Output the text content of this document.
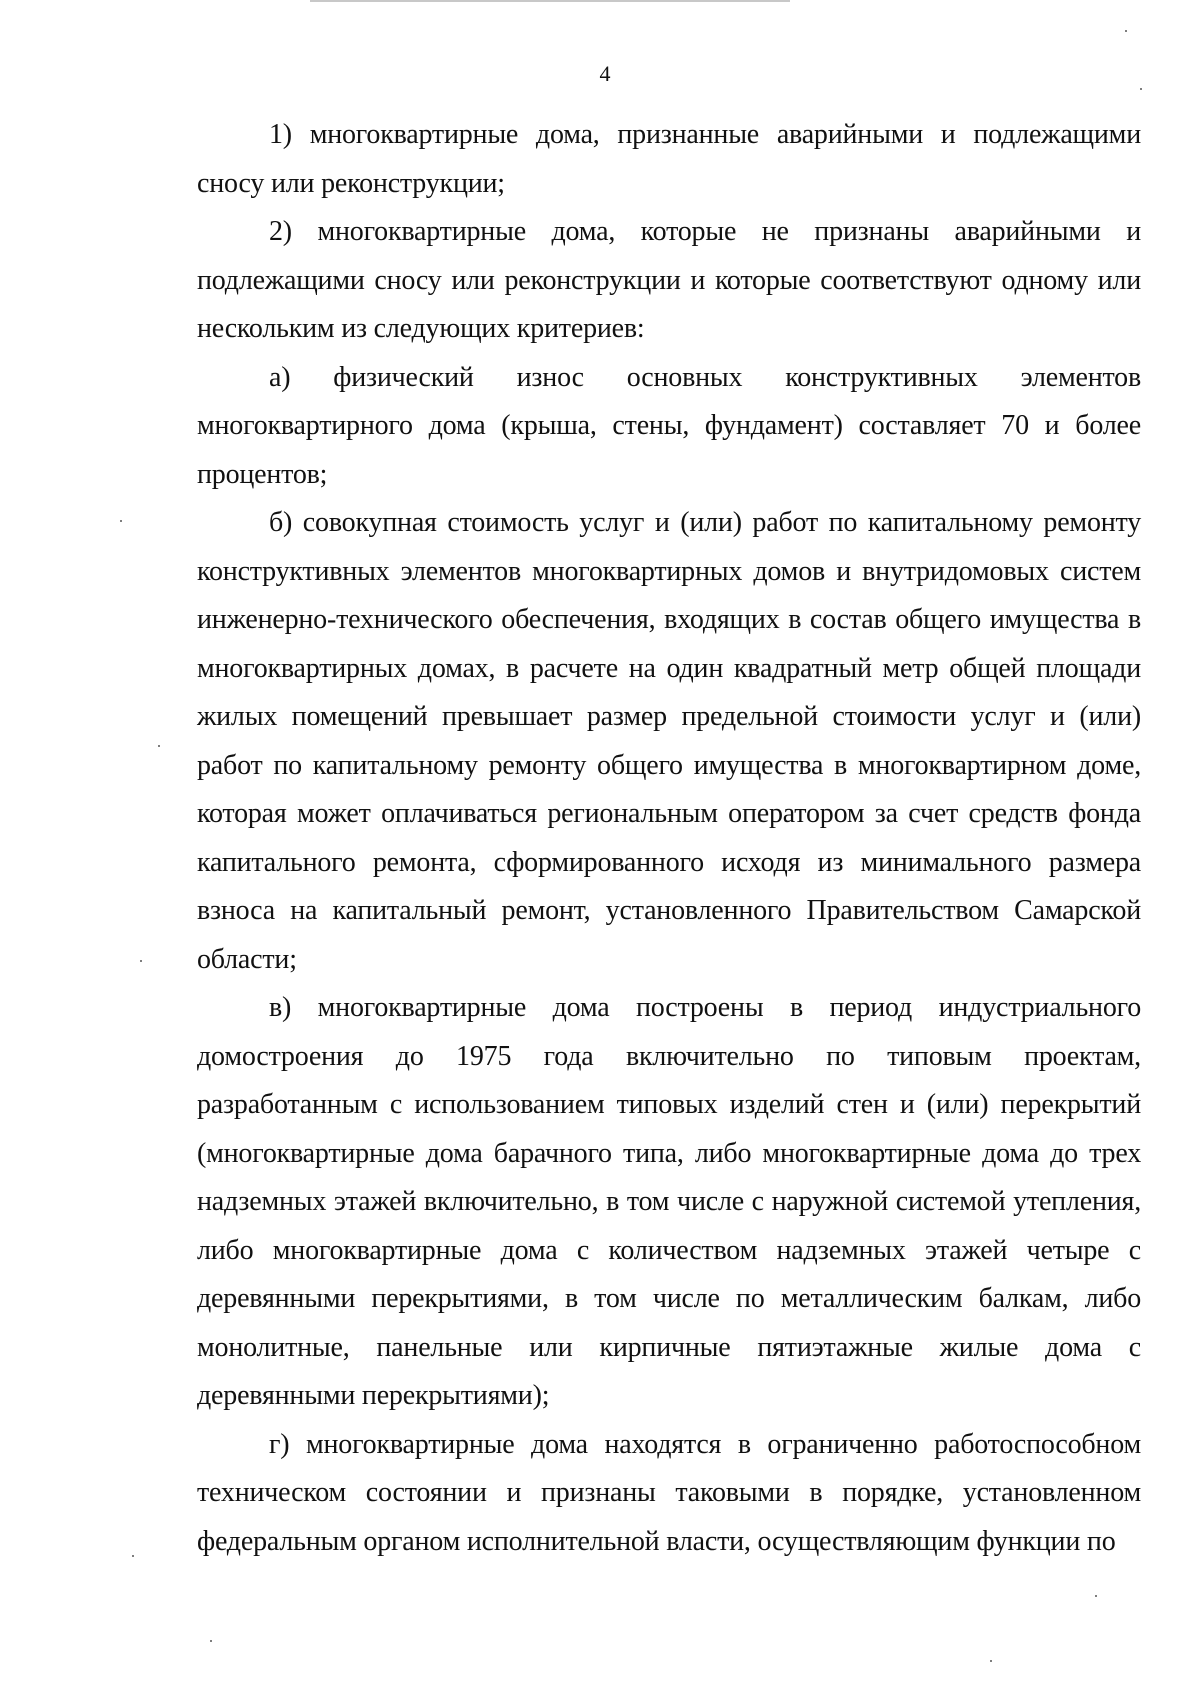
4

1) многоквартирные дома, признанные аварийными и подлежащими сносу или реконструкции;

2) многоквартирные дома, которые не признаны аварийными и подлежащими сносу или реконструкции и которые соответствуют одному или нескольким из следующих критериев:

а) физический износ основных конструктивных элементов многоквартирного дома (крыша, стены, фундамент) составляет 70 и более процентов;

б) совокупная стоимость услуг и (или) работ по капитальному ремонту конструктивных элементов многоквартирных домов и внутридомовых систем инженерно-технического обеспечения, входящих в состав общего имущества в многоквартирных домах, в расчете на один квадратный метр общей площади жилых помещений превышает размер предельной стоимости услуг и (или) работ по капитальному ремонту общего имущества в многоквартирном доме, которая может оплачиваться региональным оператором за счет средств фонда капитального ремонта, сформированного исходя из минимального размера взноса на капитальный ремонт, установленного Правительством Самарской области;

в) многоквартирные дома построены в период индустриального домостроения до 1975 года включительно по типовым проектам, разработанным с использованием типовых изделий стен и (или) перекрытий (многоквартирные дома барачного типа, либо многоквартирные дома до трех надземных этажей включительно, в том числе с наружной системой утепления, либо многоквартирные дома с количеством надземных этажей четыре с деревянными перекрытиями, в том числе по металлическим балкам, либо монолитные, панельные или кирпичные пятиэтажные жилые дома с деревянными перекрытиями);

г) многоквартирные дома находятся в ограниченно работоспособном техническом состоянии и признаны таковыми в порядке, установленном федеральным органом исполнительной власти, осуществляющим функции по
